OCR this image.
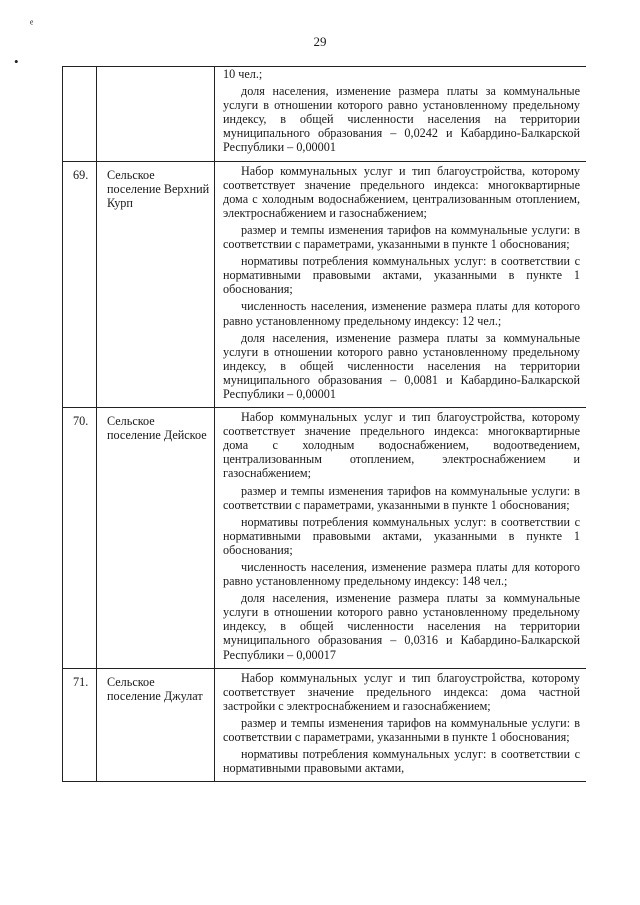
ᵉ
•
29

		10 чел.;

доля населения, изменение размера платы за коммунальные услуги в отношении которого равно установленному предельному индексу, в общей численности населения на территории муниципального образования – 0,0242 и Кабардино-Балкарской Республики – 0,00001

69.	Сельское поселение Верхний Курп	Набор коммунальных услуг и тип благоустройства, которому соответствует значение предельного индекса: многоквартирные дома с холодным водоснабжением, централизованным отоплением, электроснабжением и газоснабжением;

размер и темпы изменения тарифов на коммунальные услуги: в соответствии с параметрами, указанными в пункте 1 обоснования;

нормативы потребления коммунальных услуг: в соответствии с нормативными правовыми актами, указанными в пункте 1 обоснования;

численность населения, изменение размера платы для которого равно установленному предельному индексу: 12 чел.;

доля населения, изменение размера платы за коммунальные услуги в отношении которого равно установленному предельному индексу, в общей численности населения на территории муниципального образования – 0,0081 и Кабардино-Балкарской Республики – 0,00001

70.	Сельское поселение Дейское	Набор коммунальных услуг и тип благоустройства, которому соответствует значение предельного индекса: многоквартирные дома с холодным водоснабжением, водоотведением, централизованным отоплением, электроснабжением и газоснабжением;

размер и темпы изменения тарифов на коммунальные услуги: в соответствии с параметрами, указанными в пункте 1 обоснования;

нормативы потребления коммунальных услуг: в соответствии с нормативными правовыми актами, указанными в пункте 1 обоснования;

численность населения, изменение размера платы для которого равно установленному предельному индексу: 148 чел.;

доля населения, изменение размера платы за коммунальные услуги в отношении которого равно установленному предельному индексу, в общей численности населения на территории муниципального образования – 0,0316 и Кабардино-Балкарской Республики – 0,00017

71.	Сельское поселение Джулат	Набор коммунальных услуг и тип благоустройства, которому соответствует значение предельного индекса: дома частной застройки с электроснабжением и газоснабжением;

размер и темпы изменения тарифов на коммунальные услуги: в соответствии с параметрами, указанными в пункте 1 обоснования;

нормативы потребления коммунальных услуг: в соответствии с нормативными правовыми актами,
